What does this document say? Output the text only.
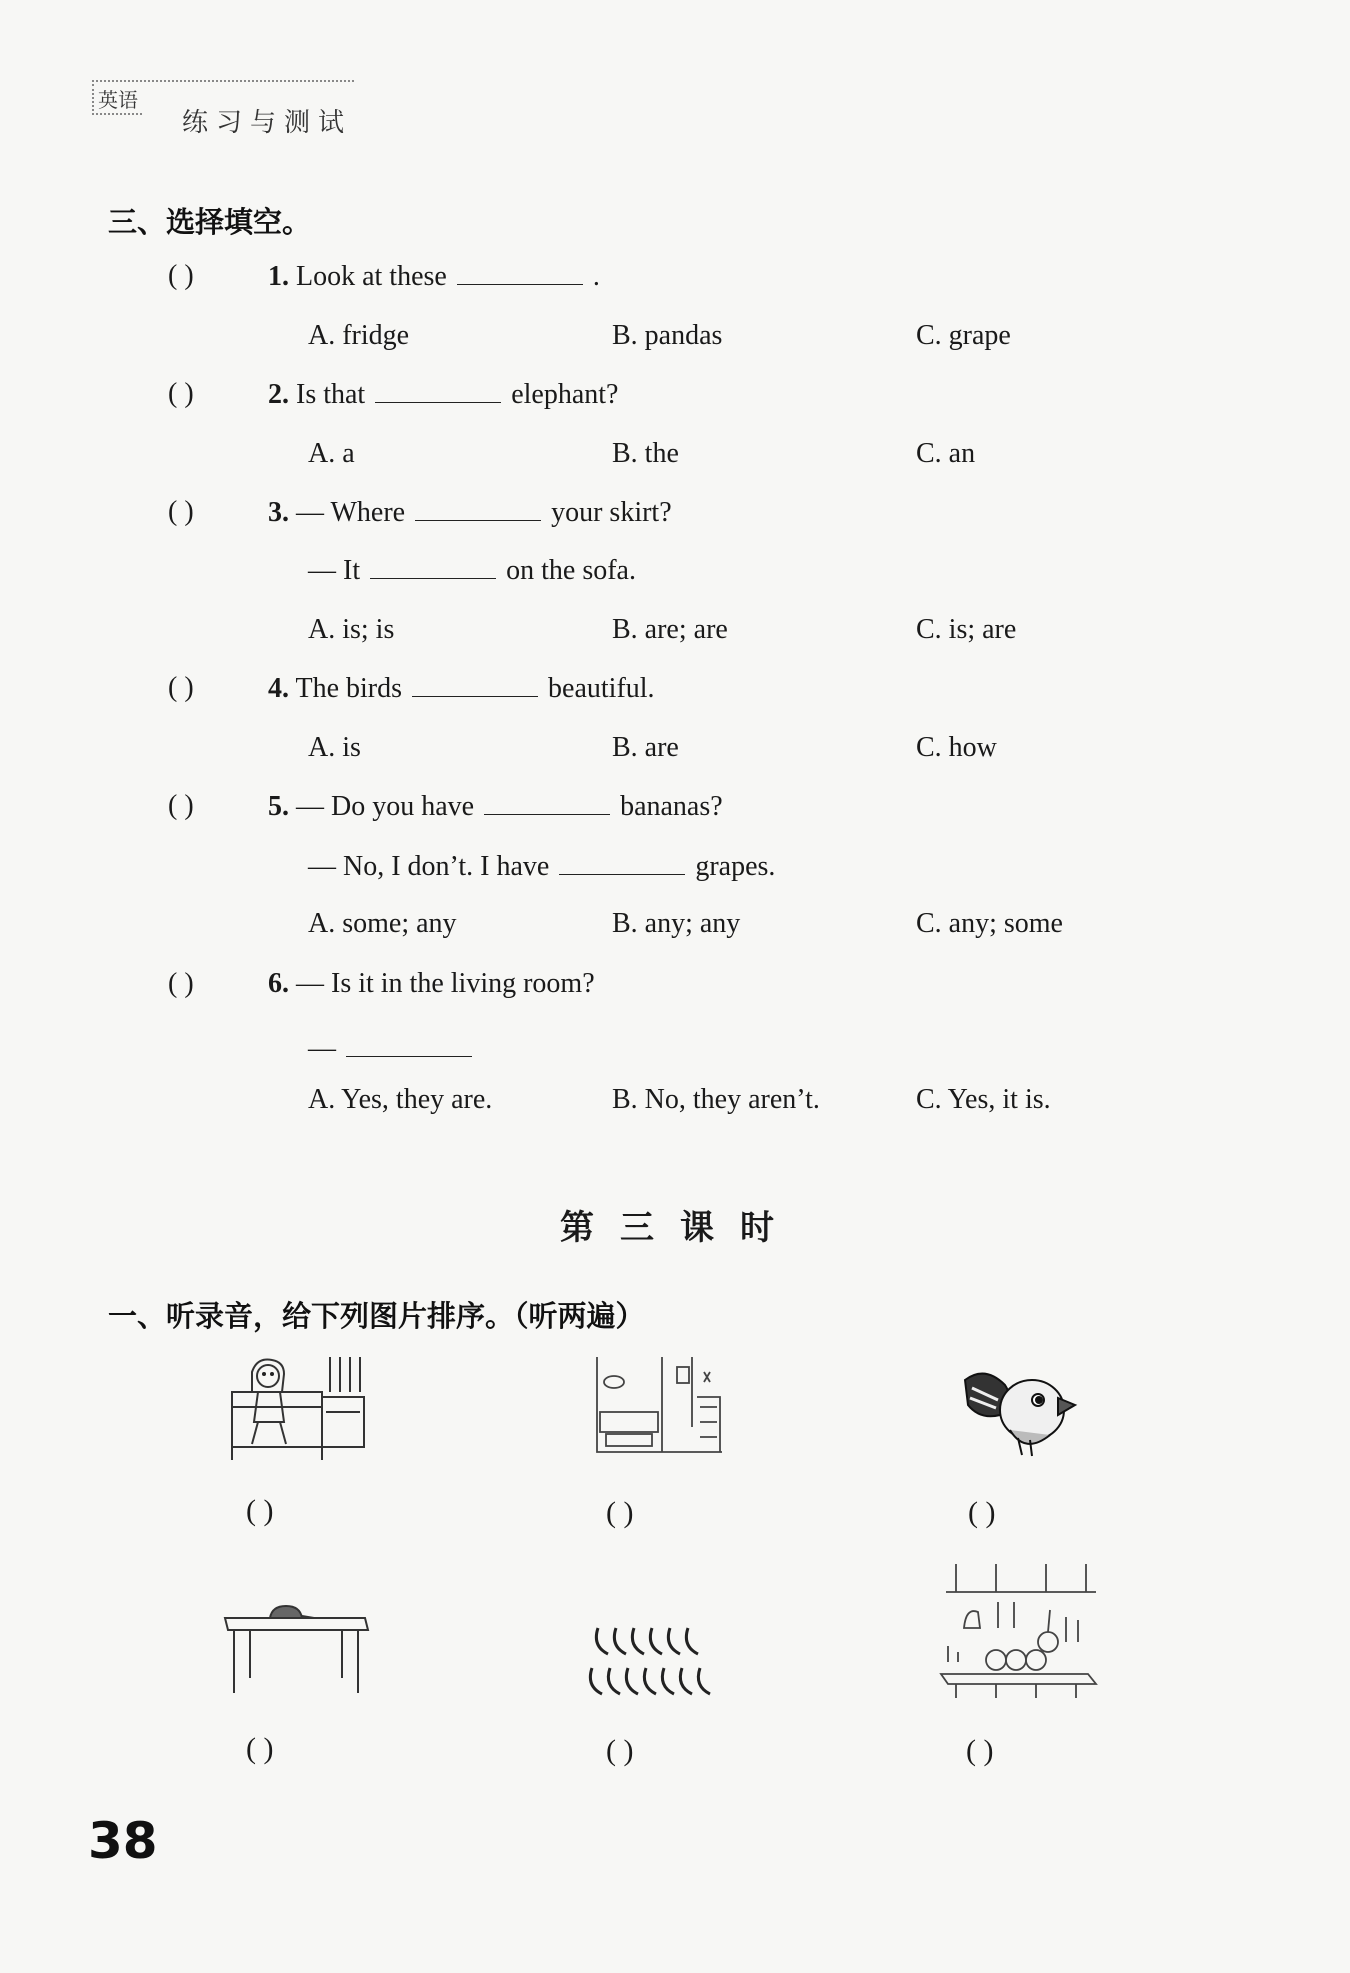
英语
练习与测试
三、选择填空。
( )	1. Look at these	.
A. fridge	B. pandas	C. grape
( )	2. Is that	elephant?
A. a	B. the	C. an
( )	3. — Where	your skirt?
— It	on the sofa.
A. is; is	B. are; are	C. is; are
( )	4. The birds	beautiful.
A. is	B. are	C. how
( )	5. — Do you have	bananas?
— No, I don’t. I have	grapes.
A. some; any	B. any; any	C. any; some
( )	6. — Is it in the living room?
—
A. Yes, they are.	B. No, they aren’t.	C. Yes, it is.
第三课时
一、听录音，给下列图片排序。（听两遍）
( )	( )	( )
( )	( )	( )
38
